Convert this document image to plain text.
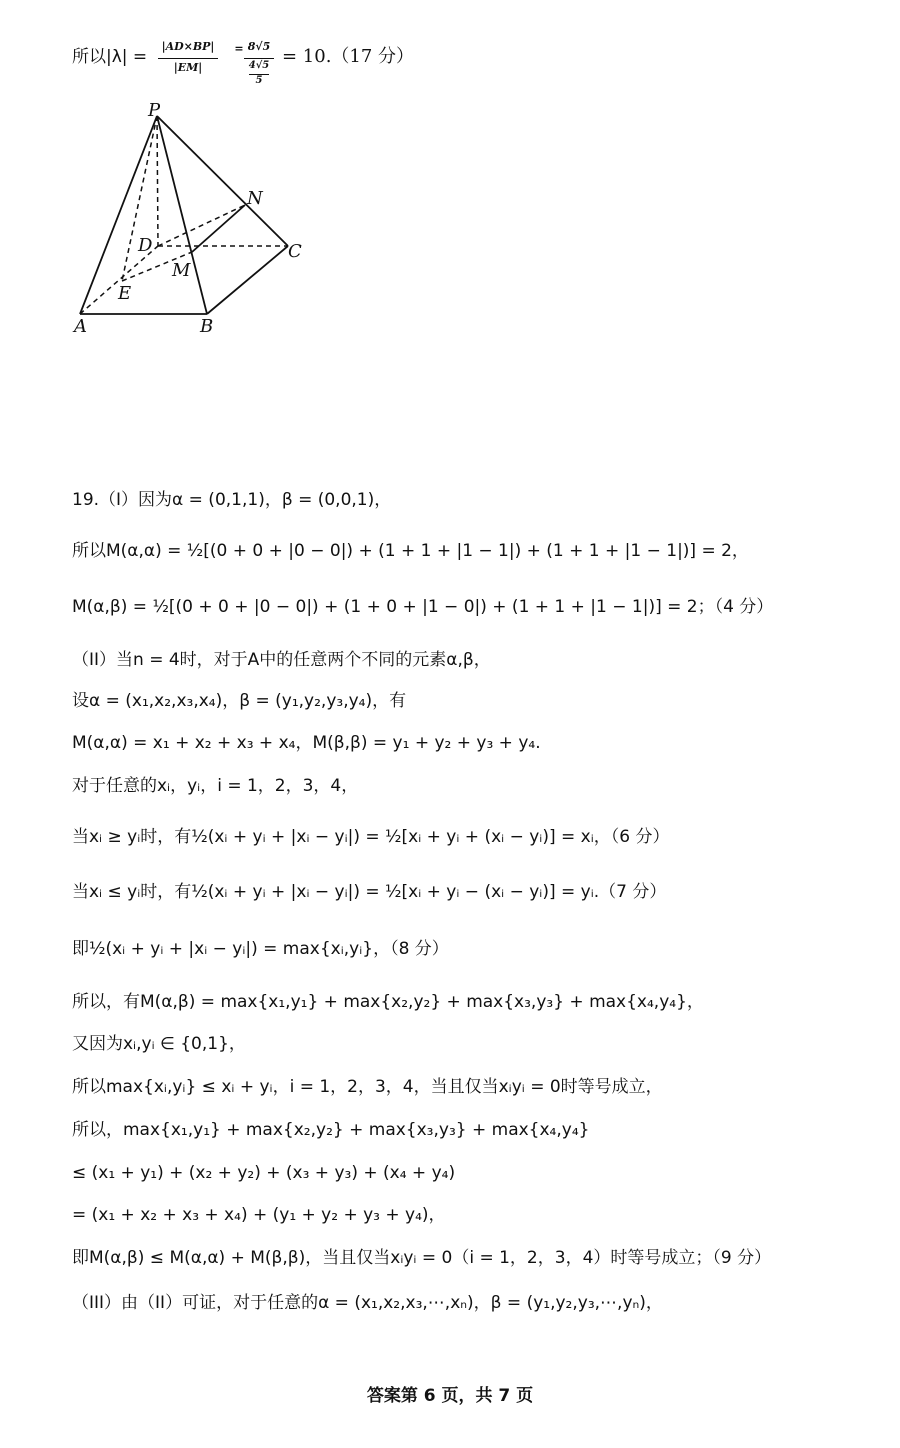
所以|λ| =
|AD×BP|
|EM|
= 8√5
4√5
5
= 10.（17 分）
P
N
D	C
M
E
A	B
19.（I）因为α = (0,1,1)，β = (0,0,1)，
所以M(α,α) = ½[(0 + 0 + |0 − 0|) + (1 + 1 + |1 − 1|) + (1 + 1 + |1 − 1|)] = 2，
M(α,β) = ½[(0 + 0 + |0 − 0|) + (1 + 0 + |1 − 0|) + (1 + 1 + |1 − 1|)] = 2；（4 分）
（II）当n = 4时，对于A中的任意两个不同的元素α,β，
设α = (x₁,x₂,x₃,x₄)，β = (y₁,y₂,y₃,y₄)，有
M(α,α) = x₁ + x₂ + x₃ + x₄，M(β,β) = y₁ + y₂ + y₃ + y₄.
对于任意的xᵢ，yᵢ，i = 1，2，3，4，
当xᵢ ≥ yᵢ时，有½(xᵢ + yᵢ + |xᵢ − yᵢ|) = ½[xᵢ + yᵢ + (xᵢ − yᵢ)] = xᵢ，（6 分）
当xᵢ ≤ yᵢ时，有½(xᵢ + yᵢ + |xᵢ − yᵢ|) = ½[xᵢ + yᵢ − (xᵢ − yᵢ)] = yᵢ.（7 分）
即½(xᵢ + yᵢ + |xᵢ − yᵢ|) = max{xᵢ,yᵢ}，（8 分）
所以，有M(α,β) = max{x₁,y₁} + max{x₂,y₂} + max{x₃,y₃} + max{x₄,y₄}，
又因为xᵢ,yᵢ ∈ {0,1}，
所以max{xᵢ,yᵢ} ≤ xᵢ + yᵢ，i = 1，2，3，4，当且仅当xᵢyᵢ = 0时等号成立，
所以，max{x₁,y₁} + max{x₂,y₂} + max{x₃,y₃} + max{x₄,y₄}
≤ (x₁ + y₁) + (x₂ + y₂) + (x₃ + y₃) + (x₄ + y₄)
= (x₁ + x₂ + x₃ + x₄) + (y₁ + y₂ + y₃ + y₄)，
即M(α,β) ≤ M(α,α) + M(β,β)，当且仅当xᵢyᵢ = 0（i = 1，2，3，4）时等号成立；（9 分）
（III）由（II）可证，对于任意的α = (x₁,x₂,x₃,⋯,xₙ)，β = (y₁,y₂,y₃,⋯,yₙ)，
答案第 6 页，共 7 页
